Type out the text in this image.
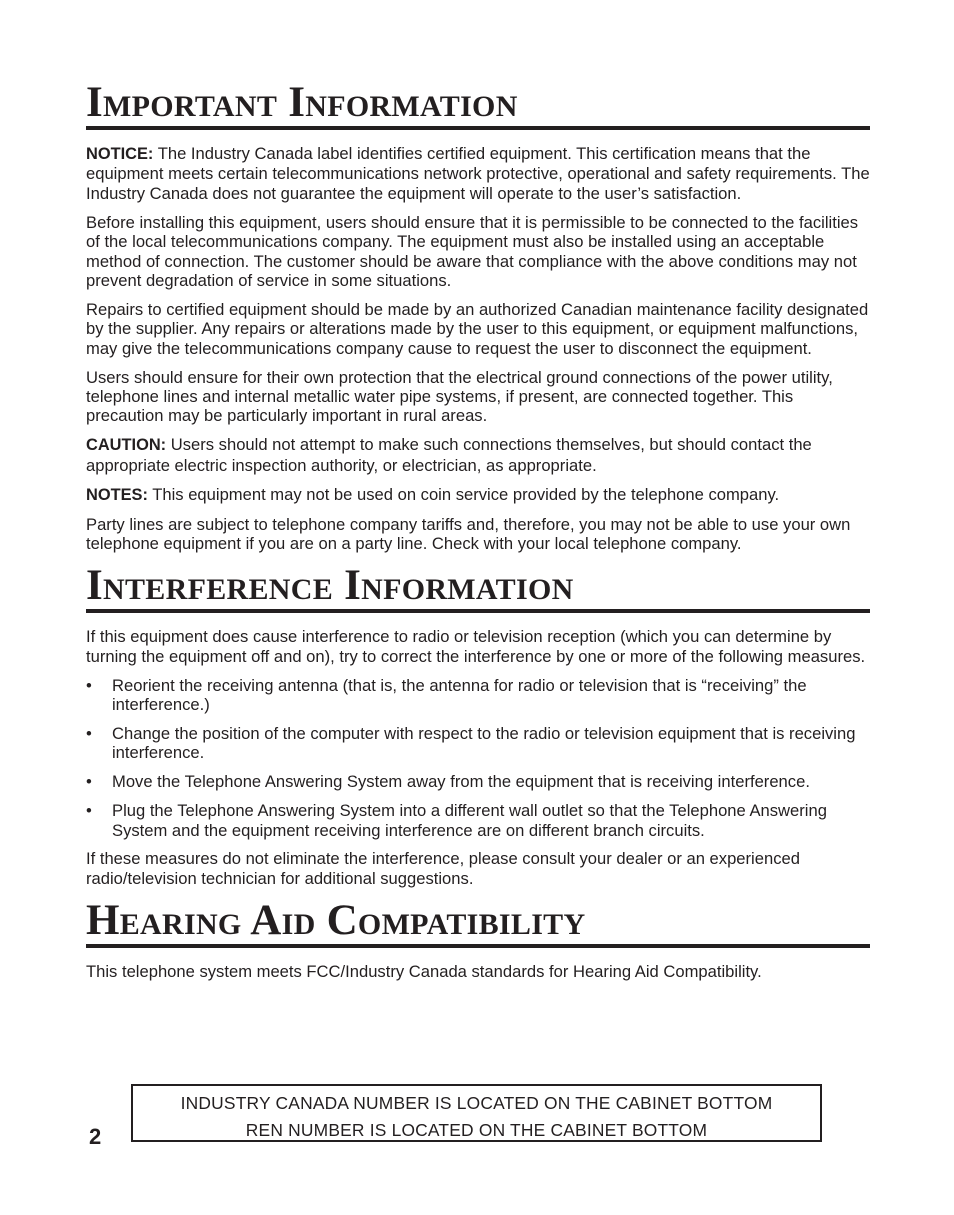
Important Information

NOTICE: The Industry Canada label identifies certified equipment. This certification means that the equipment meets certain telecommunications network protective, operational and safety requirements. The Industry Canada does not guarantee the equipment will operate to the user’s satisfaction.

Before installing this equipment, users should ensure that it is permissible to be connected to the facilities of the local telecommunications company. The equipment must also be installed using an acceptable method of connection. The customer should be aware that compliance with the above conditions may not prevent degradation of service in some situations.

Repairs to certified equipment should be made by an authorized Canadian maintenance facility designated by the supplier. Any repairs or alterations made by the user to this equipment, or equipment malfunctions, may give the telecommunications company cause to request the user to disconnect the equipment.

Users should ensure for their own protection that the electrical ground connections of the power utility, telephone lines and internal metallic water pipe systems, if present, are connected together. This precaution may be particularly important in rural areas.

CAUTION: Users should not attempt to make such connections themselves, but should contact the appropriate electric inspection authority, or electrician, as appropriate.

NOTES: This equipment may not be used on coin service provided by the telephone company.

Party lines are subject to telephone company tariffs and, therefore, you may not be able to use your own telephone equipment if you are on a party line. Check with your local telephone company.

Interference Information

If this equipment does cause interference to radio or television reception (which you can determine by turning the equipment off and on), try to correct the interference by one or more of the following measures.

• Reorient the receiving antenna (that is, the antenna for radio or television that is “receiving” the interference.)
• Change the position of the computer with respect to the radio or television equipment that is receiving interference.
• Move the Telephone Answering System away from the equipment that is receiving interference.
• Plug the Telephone Answering System into a different wall outlet so that the Telephone Answering System and the equipment receiving interference are on different branch circuits.

If these measures do not eliminate the interference, please consult your dealer or an experienced radio/television technician for additional suggestions.

Hearing Aid Compatibility

This telephone system meets FCC/Industry Canada standards for Hearing Aid Compatibility.

INDUSTRY CANADA NUMBER IS LOCATED ON THE CABINET BOTTOM
REN NUMBER IS LOCATED ON THE CABINET BOTTOM
2
